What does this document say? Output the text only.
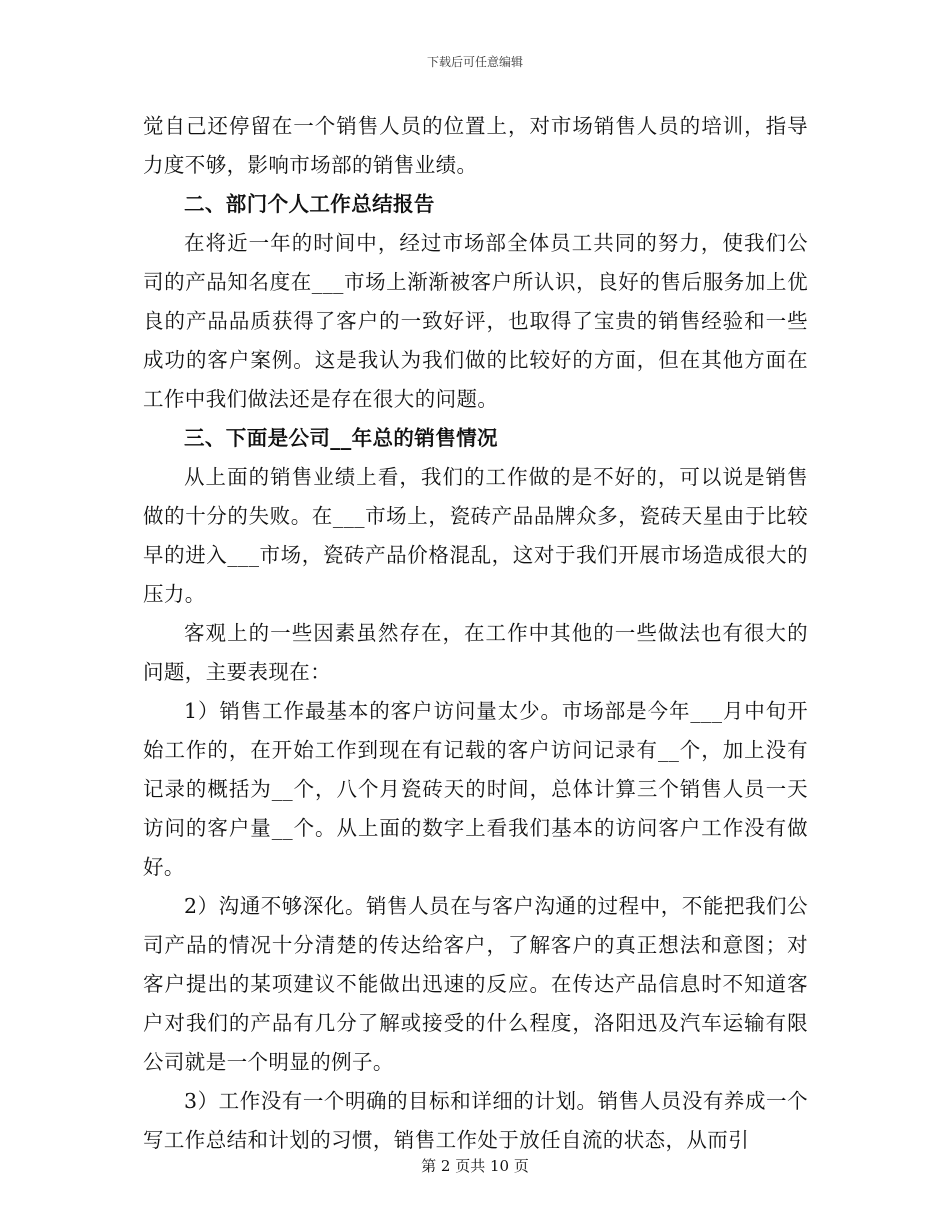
下载后可任意编辑

觉自己还停留在一个销售人员的位置上，对市场销售人员的培训，指导力度不够，影响市场部的销售业绩。

二、部门个人工作总结报告

在将近一年的时间中，经过市场部全体员工共同的努力，使我们公司的产品知名度在___市场上渐渐被客户所认识，良好的售后服务加上优良的产品品质获得了客户的一致好评，也取得了宝贵的销售经验和一些成功的客户案例。这是我认为我们做的比较好的方面，但在其他方面在工作中我们做法还是存在很大的问题。

三、下面是公司__年总的销售情况

从上面的销售业绩上看，我们的工作做的是不好的，可以说是销售做的十分的失败。在___市场上，瓷砖产品品牌众多，瓷砖天星由于比较早的进入___市场，瓷砖产品价格混乱，这对于我们开展市场造成很大的压力。

客观上的一些因素虽然存在，在工作中其他的一些做法也有很大的问题，主要表现在：

1）销售工作最基本的客户访问量太少。市场部是今年___月中旬开始工作的，在开始工作到现在有记载的客户访问记录有__个，加上没有记录的概括为__个，八个月瓷砖天的时间，总体计算三个销售人员一天访问的客户量__个。从上面的数字上看我们基本的访问客户工作没有做好。

2）沟通不够深化。销售人员在与客户沟通的过程中，不能把我们公司产品的情况十分清楚的传达给客户，了解客户的真正想法和意图；对客户提出的某项建议不能做出迅速的反应。在传达产品信息时不知道客户对我们的产品有几分了解或接受的什么程度，洛阳迅及汽车运输有限公司就是一个明显的例子。

3）工作没有一个明确的目标和详细的计划。销售人员没有养成一个写工作总结和计划的习惯，销售工作处于放任自流的状态，从而引

第 2 页共 10 页
